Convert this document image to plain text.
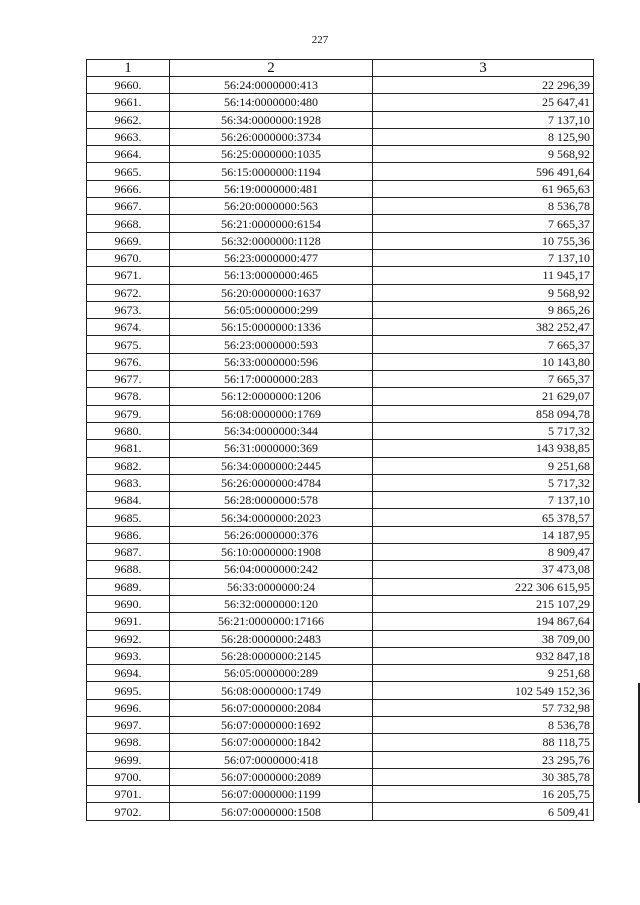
227
1	2	3
9660.	56:24:0000000:413	22 296,39
9661.	56:14:0000000:480	25 647,41
9662.	56:34:0000000:1928	7 137,10
9663.	56:26:0000000:3734	8 125,90
9664.	56:25:0000000:1035	9 568,92
9665.	56:15:0000000:1194	596 491,64
9666.	56:19:0000000:481	61 965,63
9667.	56:20:0000000:563	8 536,78
9668.	56:21:0000000:6154	7 665,37
9669.	56:32:0000000:1128	10 755,36
9670.	56:23:0000000:477	7 137,10
9671.	56:13:0000000:465	11 945,17
9672.	56:20:0000000:1637	9 568,92
9673.	56:05:0000000:299	9 865,26
9674.	56:15:0000000:1336	382 252,47
9675.	56:23:0000000:593	7 665,37
9676.	56:33:0000000:596	10 143,80
9677.	56:17:0000000:283	7 665,37
9678.	56:12:0000000:1206	21 629,07
9679.	56:08:0000000:1769	858 094,78
9680.	56:34:0000000:344	5 717,32
9681.	56:31:0000000:369	143 938,85
9682.	56:34:0000000:2445	9 251,68
9683.	56:26:0000000:4784	5 717,32
9684.	56:28:0000000:578	7 137,10
9685.	56:34:0000000:2023	65 378,57
9686.	56:26:0000000:376	14 187,95
9687.	56:10:0000000:1908	8 909,47
9688.	56:04:0000000:242	37 473,08
9689.	56:33:0000000:24	222 306 615,95
9690.	56:32:0000000:120	215 107,29
9691.	56:21:0000000:17166	194 867,64
9692.	56:28:0000000:2483	38 709,00
9693.	56:28:0000000:2145	932 847,18
9694.	56:05:0000000:289	9 251,68
9695.	56:08:0000000:1749	102 549 152,36
9696.	56:07:0000000:2084	57 732,98
9697.	56:07:0000000:1692	8 536,78
9698.	56:07:0000000:1842	88 118,75
9699.	56:07:0000000:418	23 295,76
9700.	56:07:0000000:2089	30 385,78
9701.	56:07:0000000:1199	16 205,75
9702.	56:07:0000000:1508	6 509,41
